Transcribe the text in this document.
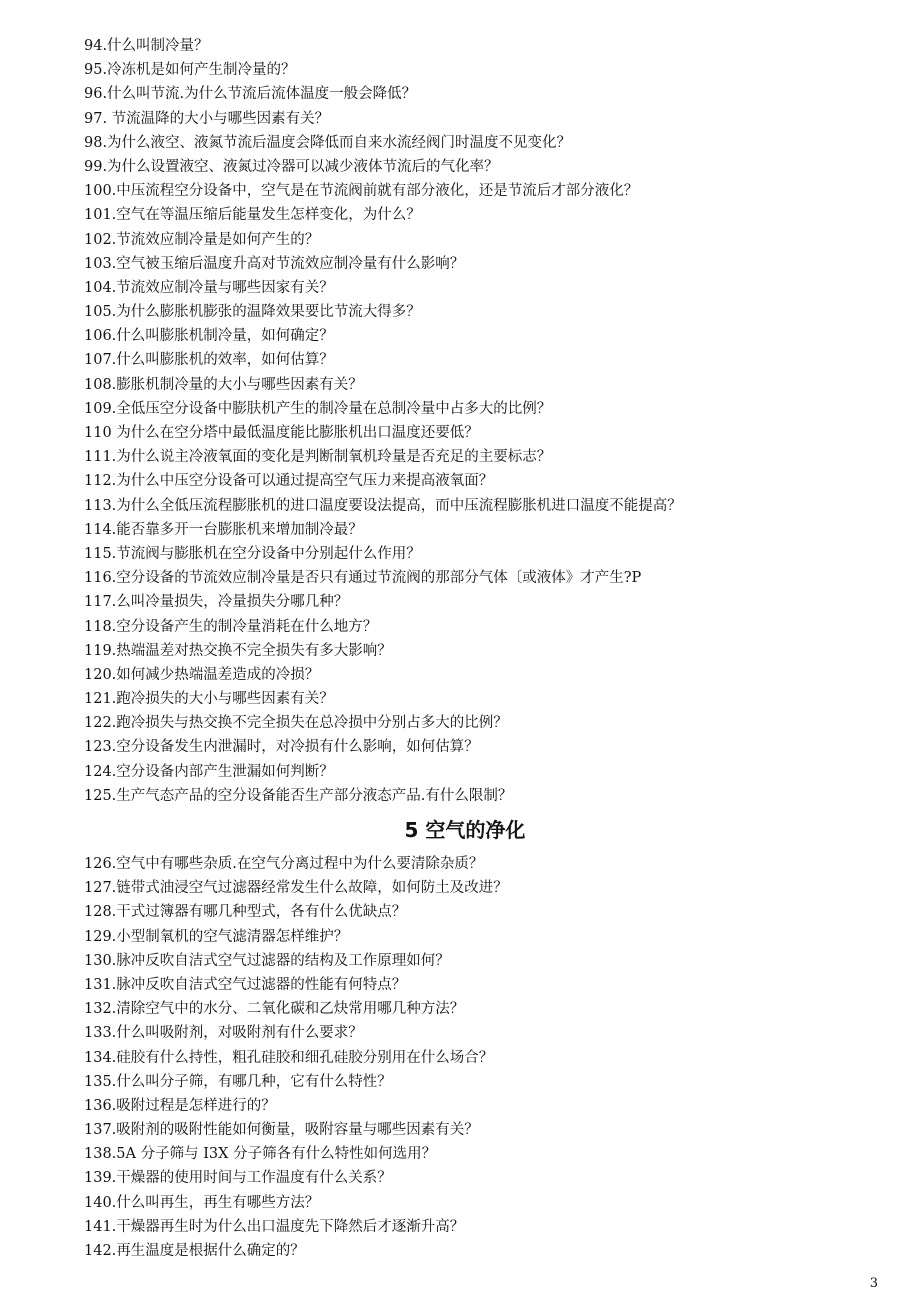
94.什么叫制冷量？
95.冷冻机是如何产生制冷量的？
96.什么叫节流.为什么节流后流体温度一般会降低？
97. 节流温降的大小与哪些因素有关？
98.为什么液空、液氮节流后温度会降低而自来水流经阀门时温度不见变化？
99.为什么设置液空、液氮过冷器可以减少液体节流后的气化率？
100.中压流程空分设备中，空气是在节流阀前就有部分液化，还是节流后才部分液化？
101.空气在等温压缩后能量发生怎样变化，为什么？
102.节流效应制冷量是如何产生的？
103.空气被玉缩后温度升高对节流效应制冷量有什么影响？
104.节流效应制冷量与哪些因家有关？
105.为什么膨胀机膨张的温降效果要比节流大得多？
106.什么叫膨胀机制冷量，如何确定？
107.什么叫膨胀机的效率，如何估算？
108.膨胀机制冷量的大小与哪些因素有关？
109.全低压空分设备中膨肤机产生的制冷量在总制冷量中占多大的比例？
110 为什么在空分塔中最低温度能比膨胀机出口温度还要低？
111.为什么说主冷液氧面的变化是判断制氧机玲量是否充足的主要标志？
112.为什么中压空分设备可以通过提高空气压力来提高液氧面？
113.为什么全低压流程膨胀机的进口温度要设法提高，而中压流程膨胀机进口温度不能提高？
114.能否靠多开一台膨胀机来增加制冷最？
115.节流阀与膨胀机在空分设备中分别起什么作用？
116.空分设备的节流效应制冷量是否只有通过节流阀的那部分气体〔或液体》才产生?P
117.么叫冷量损失，冷量损失分哪几种？
118.空分设备产生的制冷量消耗在什么地方？
119.热端温差对热交换不完全损失有多大影响？
120.如何减少热端温差造成的冷损？
121.跑冷损失的大小与哪些因素有关？
122.跑冷损失与热交换不完全损失在总冷损中分别占多大的比例？
123.空分设备发生内泄漏时，对冷损有什么影响，如何估算？
124.空分设备内部产生泄漏如何判断？
125.生产气态产品的空分设备能否生产部分液态产品.有什么限制？
5 空气的净化
126.空气中有哪些杂质.在空气分离过程中为什么要清除杂质？
127.链带式油浸空气过滤器经常发生什么故障，如何防土及改进？
128.干式过簿器有哪几种型式，各有什么优缺点？
129.小型制氧机的空气滤清器怎样维护？
130.脉冲反吹自洁式空气过滤器的结构及工作原理如何？
131.脉冲反吹自洁式空气过滤器的性能有何特点？
132.清除空气中的水分、二氧化碳和乙炔常用哪几种方法？
133.什么叫吸附剂，对吸附剂有什么要求？
134.硅胶有什么持性，粗孔硅胶和细孔硅胶分别用在什么场合？
135.什么叫分子筛，有哪几种，它有什么特性？
136.吸附过程是怎样进行的？
137.吸附剂的吸附性能如何衡量，吸附容量与哪些因素有关？
138.5A 分子筛与 I3X 分子筛各有什么特性如何选用？
139.干燥器的使用时间与工作温度有什么关系？
140.什么叫再生，再生有哪些方法？
141.干燥器再生时为什么出口温度先下降然后才逐渐升高？
142.再生温度是根据什么确定的？
3
